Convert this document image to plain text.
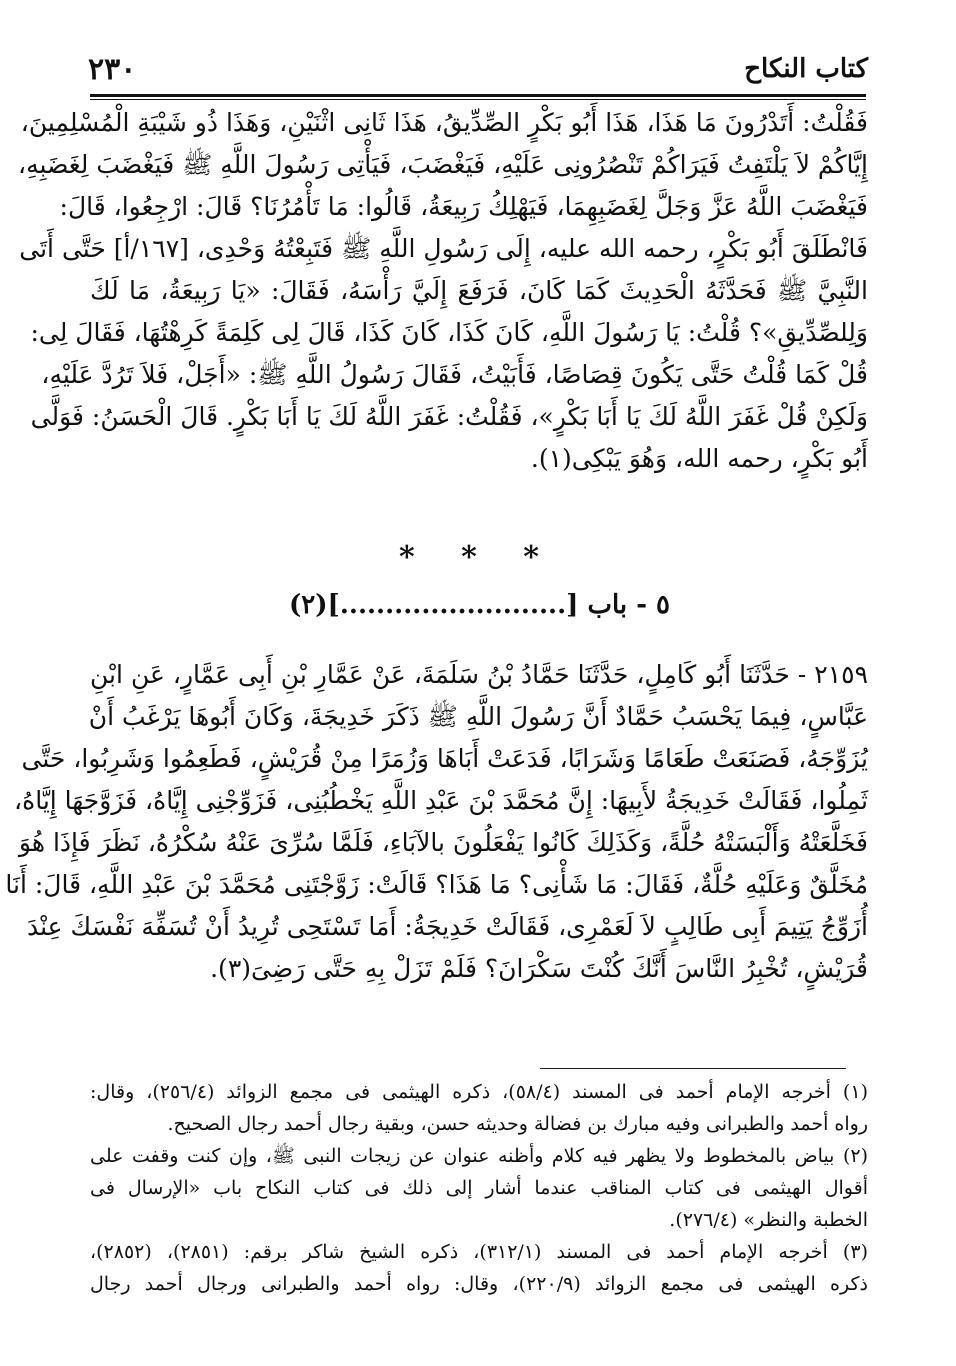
٢٣٠	كتاب النكاح
فَقُلْتُ: أَتَدْرُونَ مَا هَذَا، هَذَا أَبُو بَكْرٍ الصِّدِّيقُ، هَذَا ثَانِى اثْنَيْنِ، وَهَذَا ذُو شَيْبَةِ الْمُسْلِمِينَ،
إِيَّاكُمْ لاَ يَلْتَفِتُ فَيَرَاكُمْ تَنْصُرُونِى عَلَيْهِ، فَيَغْضَبَ، فَيَأْتِى رَسُولَ اللَّهِ ﷺ فَيَغْضَبَ لِغَضَبِهِ،
فَيَغْضَبَ اللَّهُ عَزَّ وَجَلَّ لِغَضَبِهِمَا، فَيَهْلِكُ رَبِيعَةُ، قَالُوا: مَا تَأْمُرُنَا؟ قَالَ: ارْجِعُوا، قَالَ:
فَانْطَلَقَ أَبُو بَكْرٍ، رحمه الله عليه، إِلَى رَسُولِ اللَّهِ ﷺ فَتَبِعْتُهُ وَحْدِى، [١٦٧/أ] حَتَّى أَتَى
النَّبِيَّ ﷺ فَحَدَّثَهُ الْحَدِيثَ كَمَا كَانَ، فَرَفَعَ إِلَيَّ رَأْسَهُ، فَقَالَ: «يَا رَبِيعَةُ، مَا لَكَ
وَلِلصِّدِّيقِ»؟ قُلْتُ: يَا رَسُولَ اللَّهِ، كَانَ كَذَا، كَانَ كَذَا، قَالَ لِى كَلِمَةً كَرِهْتُهَا، فَقَالَ لِى:
قُلْ كَمَا قُلْتُ حَتَّى يَكُونَ قِصَاصًا، فَأَبَيْتُ، فَقَالَ رَسُولُ اللَّهِ ﷺ: «أَجَلْ، فَلاَ تَرُدَّ عَلَيْهِ،
وَلَكِنْ قُلْ غَفَرَ اللَّهُ لَكَ يَا أَبَا بَكْرٍ»، فَقُلْتُ: غَفَرَ اللَّهُ لَكَ يَا أَبَا بَكْرٍ. قَالَ الْحَسَنُ: فَوَلَّى
أَبُو بَكْرٍ، رحمه الله، وَهُوَ يَبْكِى(١).
* * *
٥ - باب [.........................](٢)
٢١٥٩ - حَدَّثَنَا أَبُو كَامِلٍ، حَدَّثَنَا حَمَّادُ بْنُ سَلَمَةَ، عَنْ عَمَّارِ بْنِ أَبِى عَمَّارٍ، عَنِ ابْنِ
عَبَّاسٍ، فِيمَا يَحْسَبُ حَمَّادٌ أَنَّ رَسُولَ اللَّهِ ﷺ ذَكَرَ خَدِيجَةَ، وَكَانَ أَبُوهَا يَرْغَبُ أَنْ
يُزَوِّجَهُ، فَصَنَعَتْ طَعَامًا وَشَرَابًا، فَدَعَتْ أَبَاهَا وَزُمَرًا مِنْ قُرَيْشٍ، فَطَعِمُوا وَشَرِبُوا، حَتَّى
ثَمِلُوا، فَقَالَتْ خَدِيجَةُ لأَبِيهَا: إِنَّ مُحَمَّدَ بْنَ عَبْدِ اللَّهِ يَخْطُبُنِى، فَزَوِّجْنِى إِيَّاهُ، فَزَوَّجَهَا إِيَّاهُ،
فَخَلَّعَتْهُ وَأَلْبَسَتْهُ حُلَّةً، وَكَذَلِكَ كَانُوا يَفْعَلُونَ بالآبَاءِ، فَلَمَّا سُرِّىَ عَنْهُ سُكْرُهُ، نَظَرَ فَإِذَا هُوَ
مُخَلَّقٌ وَعَلَيْهِ حُلَّةٌ، فَقَالَ: مَا شَأْنِى؟ مَا هَذَا؟ قَالَتْ: زَوَّجْتَنِى مُحَمَّدَ بْنَ عَبْدِ اللَّهِ، قَالَ: أَنَا
أُزَوِّجُ يَتِيمَ أَبِى طَالِبٍ لاَ لَعَمْرِى، فَقَالَتْ خَدِيجَةُ: أَمَا تَسْتَحِى تُرِيدُ أَنْ تُسَفِّهَ نَفْسَكَ عِنْدَ
قُرَيْشٍ، تُخْبِرُ النَّاسَ أَنَّكَ كُنْتَ سَكْرَانَ؟ فَلَمْ تَزَلْ بِهِ حَتَّى رَضِىَ(٣).
(١) أخرجه الإمام أحمد فى المسند (٥٨/٤)، ذكره الهيثمى فى مجمع الزوائد (٢٥٦/٤)، وقال:
رواه أحمد والطبرانى وفيه مبارك بن فضالة وحديثه حسن، وبقية رجال أحمد رجال الصحيح.
(٢) بياض بالمخطوط ولا يظهر فيه كلام وأظنه عنوان عن زيجات النبى ﷺ، وإن كنت وقفت على
أقوال الهيثمى فى كتاب المناقب عندما أشار إلى ذلك فى كتاب النكاح باب «الإرسال فى
الخطبة والنظر» (٢٧٦/٤).
(٣) أخرجه الإمام أحمد فى المسند (٣١٢/١)، ذكره الشيخ شاكر برقم: (٢٨٥١)، (٢٨٥٢)،
ذكره الهيثمى فى مجمع الزوائد (٢٢٠/٩)، وقال: رواه أحمد والطبرانى ورجال أحمد رجال
